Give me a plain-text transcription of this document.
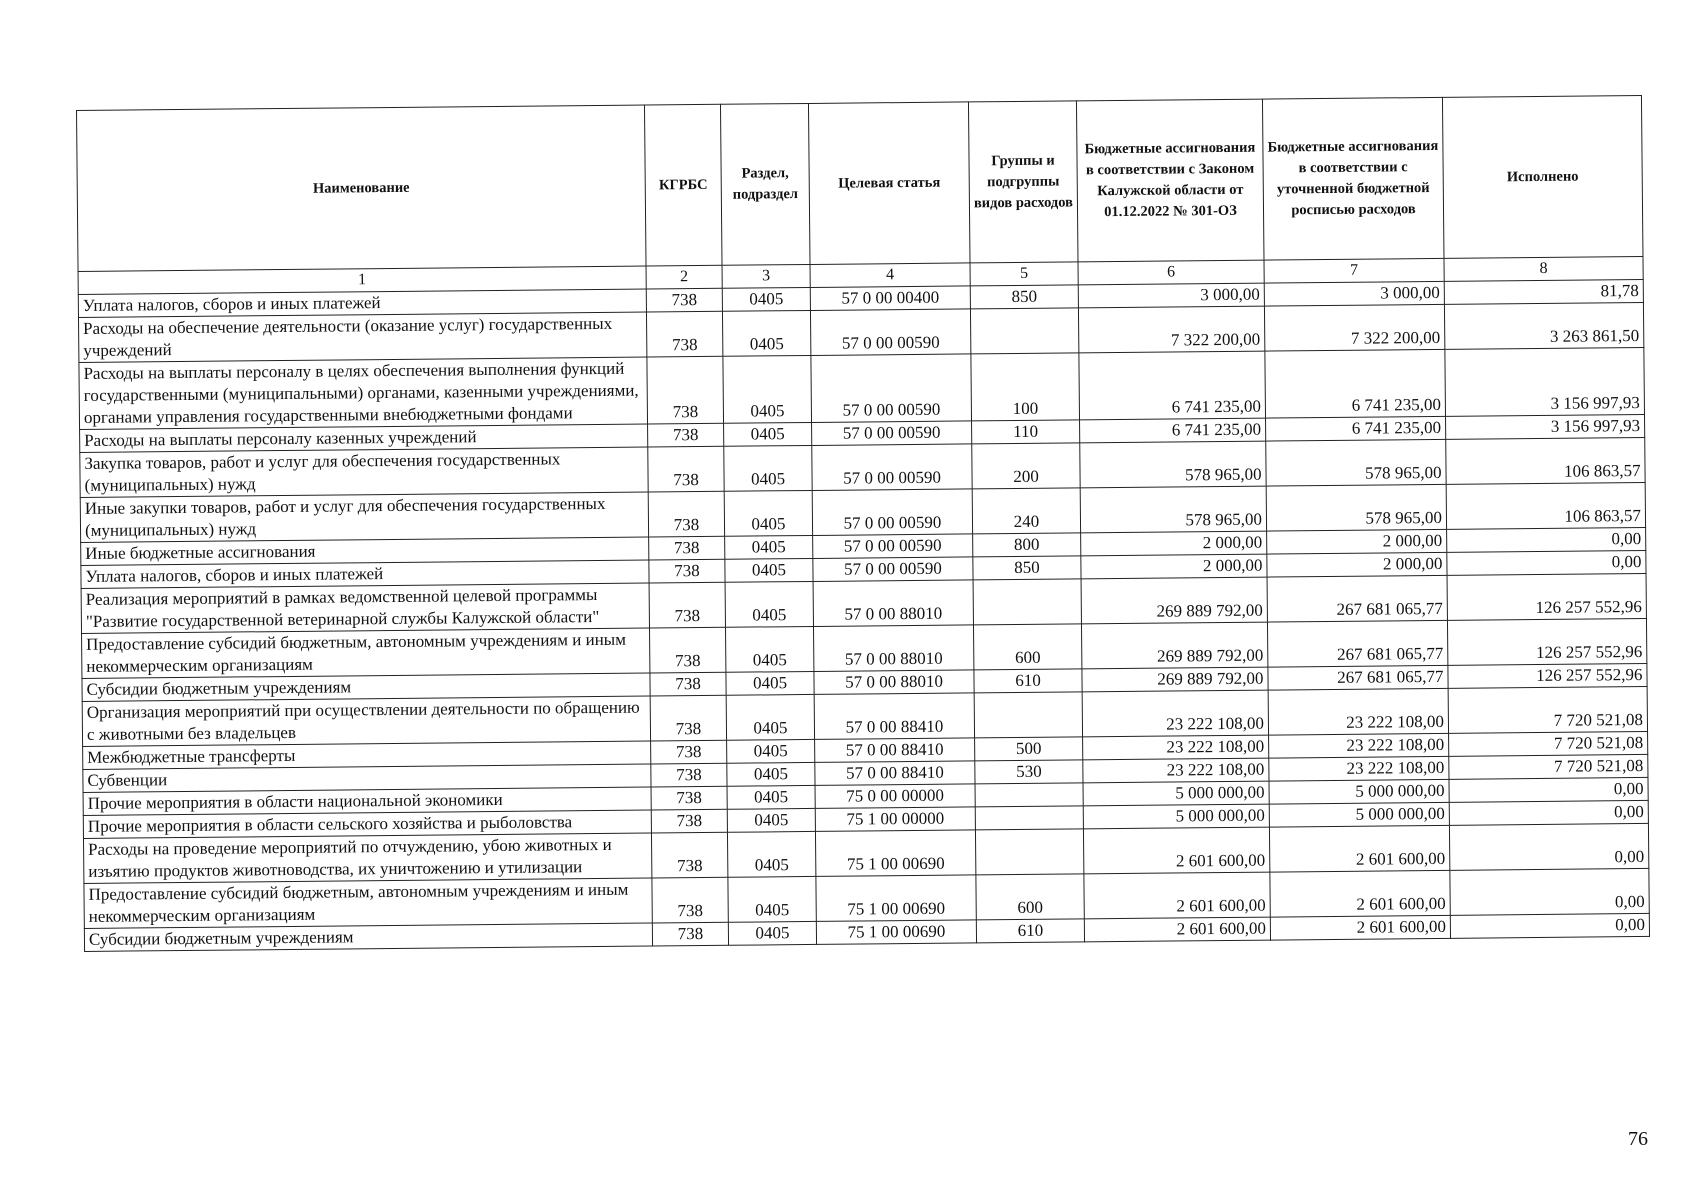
Наименование	КГРБС	Раздел, подраздел	Целевая статья	Группы и подгруппы видов расходов	Бюджетные ассигнования в соответствии с Законом Калужской области от 01.12.2022 № 301-ОЗ	Бюджетные ассигнования в соответствии с уточненной бюджетной росписью расходов	Исполнено
1	2	3	4	5	6	7	8
Уплата налогов, сборов и иных платежей	738	0405	57 0 00 00400	850	3 000,00	3 000,00	81,78
Расходы на обеспечение деятельности (оказание услуг) государственных учреждений	738	0405	57 0 00 00590		7 322 200,00	7 322 200,00	3 263 861,50
Расходы на выплаты персоналу в целях обеспечения выполнения функций государственными (муниципальными) органами, казенными учреждениями, органами управления государственными внебюджетными фондами	738	0405	57 0 00 00590	100	6 741 235,00	6 741 235,00	3 156 997,93
Расходы на выплаты персоналу казенных учреждений	738	0405	57 0 00 00590	110	6 741 235,00	6 741 235,00	3 156 997,93
Закупка товаров, работ и услуг для обеспечения государственных (муниципальных) нужд	738	0405	57 0 00 00590	200	578 965,00	578 965,00	106 863,57
Иные закупки товаров, работ и услуг для обеспечения государственных (муниципальных) нужд	738	0405	57 0 00 00590	240	578 965,00	578 965,00	106 863,57
Иные бюджетные ассигнования	738	0405	57 0 00 00590	800	2 000,00	2 000,00	0,00
Уплата налогов, сборов и иных платежей	738	0405	57 0 00 00590	850	2 000,00	2 000,00	0,00
Реализация мероприятий в рамках ведомственной целевой программы "Развитие государственной ветеринарной службы Калужской области"	738	0405	57 0 00 88010		269 889 792,00	267 681 065,77	126 257 552,96
Предоставление субсидий бюджетным, автономным учреждениям и иным некоммерческим организациям	738	0405	57 0 00 88010	600	269 889 792,00	267 681 065,77	126 257 552,96
Субсидии бюджетным учреждениям	738	0405	57 0 00 88010	610	269 889 792,00	267 681 065,77	126 257 552,96
Организация мероприятий при осуществлении деятельности по обращению с животными без владельцев	738	0405	57 0 00 88410		23 222 108,00	23 222 108,00	7 720 521,08
Межбюджетные трансферты	738	0405	57 0 00 88410	500	23 222 108,00	23 222 108,00	7 720 521,08
Субвенции	738	0405	57 0 00 88410	530	23 222 108,00	23 222 108,00	7 720 521,08
Прочие мероприятия в области национальной экономики	738	0405	75 0 00 00000		5 000 000,00	5 000 000,00	0,00
Прочие мероприятия в области сельского хозяйства и рыболовства	738	0405	75 1 00 00000		5 000 000,00	5 000 000,00	0,00
Расходы на проведение мероприятий по отчуждению, убою животных и изъятию продуктов животноводства, их уничтожению и утилизации	738	0405	75 1 00 00690		2 601 600,00	2 601 600,00	0,00
Предоставление субсидий бюджетным, автономным учреждениям и иным некоммерческим организациям	738	0405	75 1 00 00690	600	2 601 600,00	2 601 600,00	0,00
Субсидии бюджетным учреждениям	738	0405	75 1 00 00690	610	2 601 600,00	2 601 600,00	0,00
76
